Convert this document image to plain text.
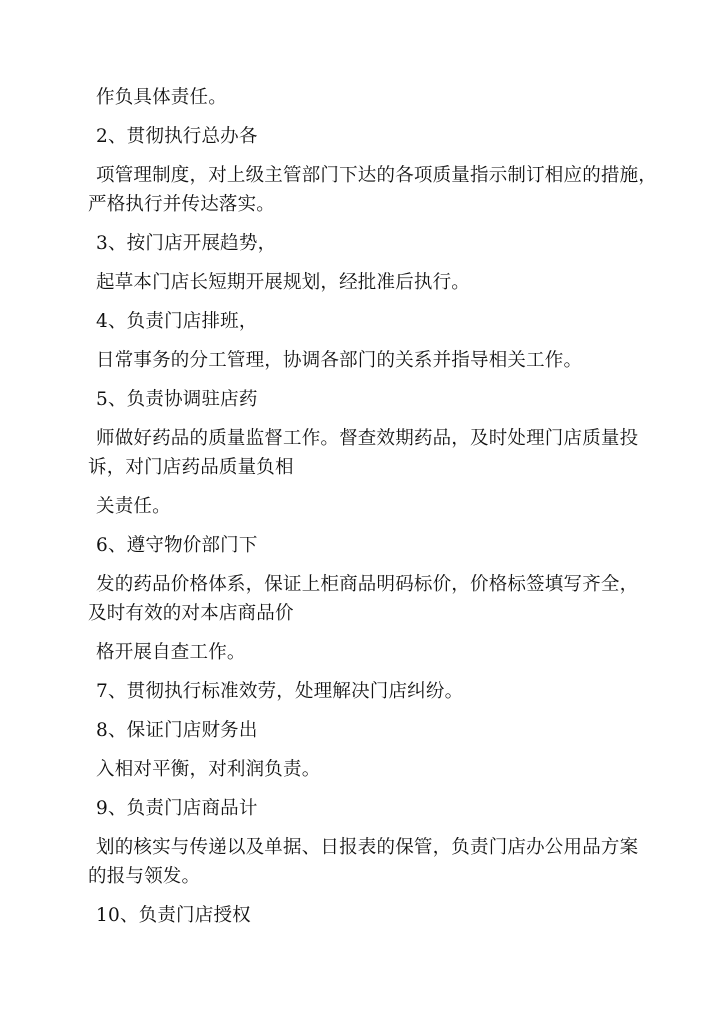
作负具体责任。

2、贯彻执行总办各

项管理制度，对上级主管部门下达的各项质量指示制订相应的措施，

严格执行并传达落实。

3、按门店开展趋势，

起草本门店长短期开展规划，经批准后执行。

4、负责门店排班，

日常事务的分工管理，协调各部门的关系并指导相关工作。

5、负责协调驻店药

师做好药品的质量监督工作。督查效期药品，及时处理门店质量投

诉，对门店药品质量负相

关责任。

6、遵守物价部门下

发的药品价格体系，保证上柜商品明码标价，价格标签填写齐全，

及时有效的对本店商品价

格开展自查工作。

7、贯彻执行标准效劳，处理解决门店纠纷。

8、保证门店财务出

入相对平衡，对利润负责。

9、负责门店商品计

划的核实与传递以及单据、日报表的保管，负责门店办公用品方案

的报与领发。

10、负责门店授权
